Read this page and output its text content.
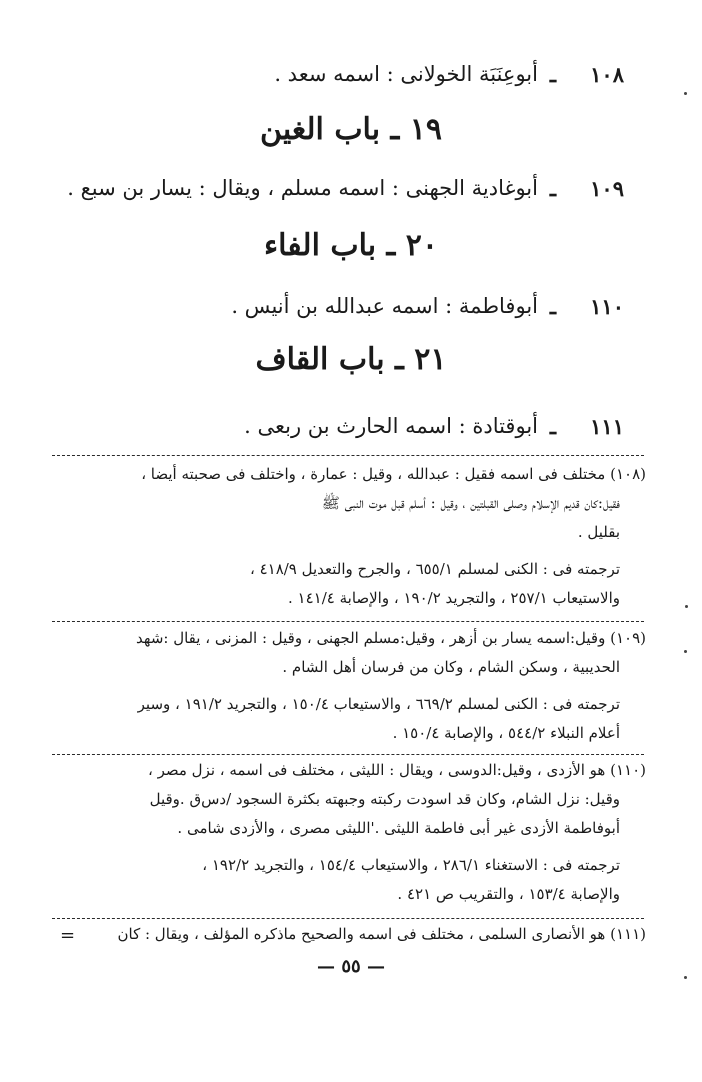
١٠٨
ـ
أبوعِنَبَة الخولانى : اسمه سعد .
١٩ ـ باب الغين
١٠٩
ـ
أبوغادية الجهنى : اسمه مسلم ، ويقال : يسار بن سبع .
٢٠ ـ باب الفاء
١١٠
ـ
أبوفاطمة : اسمه عبدالله بن أنيس .
٢١ ـ باب القاف
١١١
ـ
أبوقتادة : اسمه الحارث بن ربعى .
(١٠٨) مختلف فى اسمه فقيل : عبدالله ، وقيل : عمارة ، واختلف فى صحبته أيضا ،
فقيل:كان قديم الإسلام وصلى القبلتين ، وقيل : أسلم قبل موت النبى ﷺ
بقليل .
ترجمته فى : الكنى لمسلم ٦٥٥/١ ، والجرح والتعديل ٤١٨/٩ ،
والاستيعاب ٢٥٧/١ ، والتجريد ١٩٠/٢ ، والإصابة ١٤١/٤ .
(١٠٩) وقيل:اسمه يسار بن أزهر ، وقيل:مسلم الجهنى ، وقيل : المزنى ، يقال :شهد
الحديبية ، وسكن الشام ، وكان من فرسان أهل الشام .
ترجمته فى : الكنى لمسلم ٦٦٩/٢ ، والاستيعاب ١٥٠/٤ ، والتجريد ١٩١/٢ ، وسير
أعلام النبلاء ٥٤٤/٢ ، والإصابة ١٥٠/٤ .
(١١٠) هو الأزدى ، وقيل:الدوسى ، ويقال : الليثى ، مختلف فى اسمه ، نزل مصر ،
وقيل: نزل الشام، وكان قد اسودت ركبته وجبهته بكثرة السجود /دس‌ق .وقيل
أبوفاطمة الأزدى غير أبى فاطمة الليثى .'الليثى مصرى ، والأزدى شامى .
ترجمته فى : الاستغناء ٢٨٦/١ ، والاستيعاب ١٥٤/٤ ، والتجريد ١٩٢/٢ ،
والإصابة ١٥٣/٤ ، والتقريب ص ٤٢١ .
(١١١) هو الأنصارى السلمى ، مختلف فى اسمه والصحيح ماذكره المؤلف ، ويقال : كان
=
— ٥٥ —
